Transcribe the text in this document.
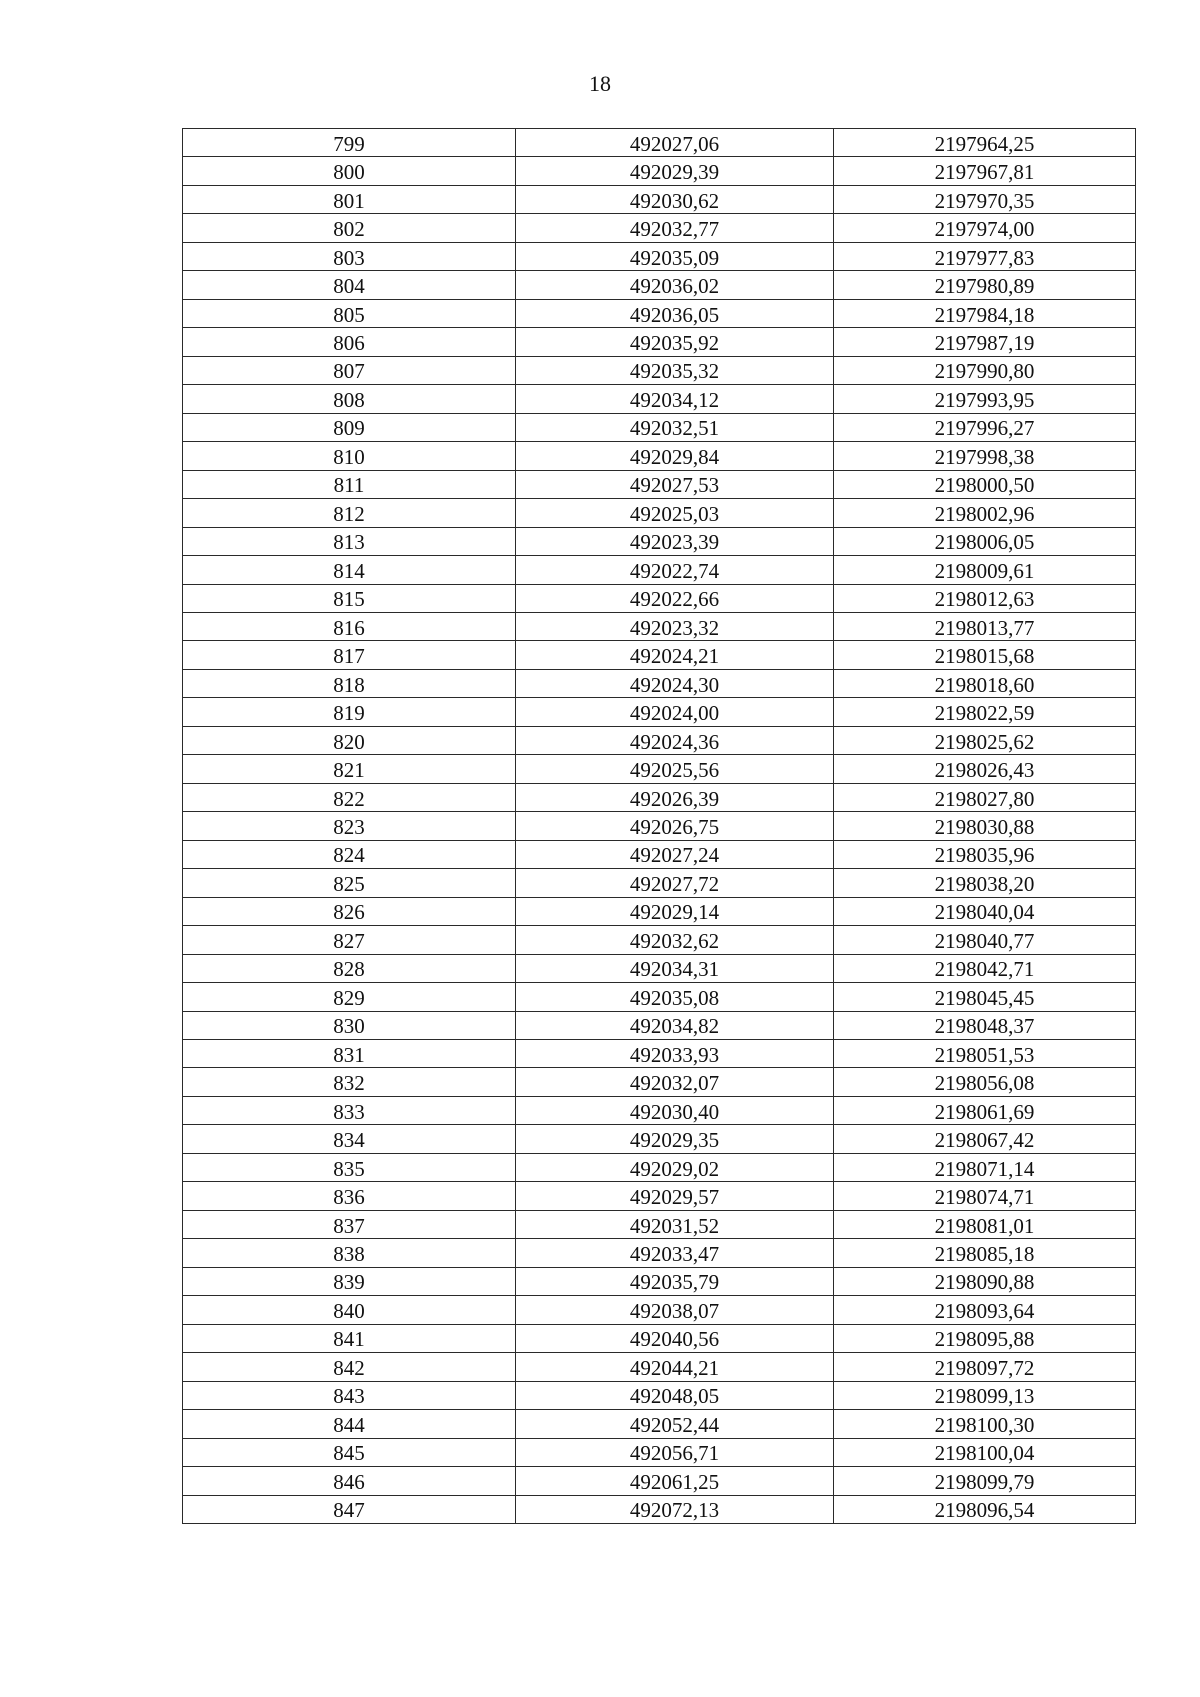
18
799	492027,06	2197964,25
800	492029,39	2197967,81
801	492030,62	2197970,35
802	492032,77	2197974,00
803	492035,09	2197977,83
804	492036,02	2197980,89
805	492036,05	2197984,18
806	492035,92	2197987,19
807	492035,32	2197990,80
808	492034,12	2197993,95
809	492032,51	2197996,27
810	492029,84	2197998,38
811	492027,53	2198000,50
812	492025,03	2198002,96
813	492023,39	2198006,05
814	492022,74	2198009,61
815	492022,66	2198012,63
816	492023,32	2198013,77
817	492024,21	2198015,68
818	492024,30	2198018,60
819	492024,00	2198022,59
820	492024,36	2198025,62
821	492025,56	2198026,43
822	492026,39	2198027,80
823	492026,75	2198030,88
824	492027,24	2198035,96
825	492027,72	2198038,20
826	492029,14	2198040,04
827	492032,62	2198040,77
828	492034,31	2198042,71
829	492035,08	2198045,45
830	492034,82	2198048,37
831	492033,93	2198051,53
832	492032,07	2198056,08
833	492030,40	2198061,69
834	492029,35	2198067,42
835	492029,02	2198071,14
836	492029,57	2198074,71
837	492031,52	2198081,01
838	492033,47	2198085,18
839	492035,79	2198090,88
840	492038,07	2198093,64
841	492040,56	2198095,88
842	492044,21	2198097,72
843	492048,05	2198099,13
844	492052,44	2198100,30
845	492056,71	2198100,04
846	492061,25	2198099,79
847	492072,13	2198096,54
